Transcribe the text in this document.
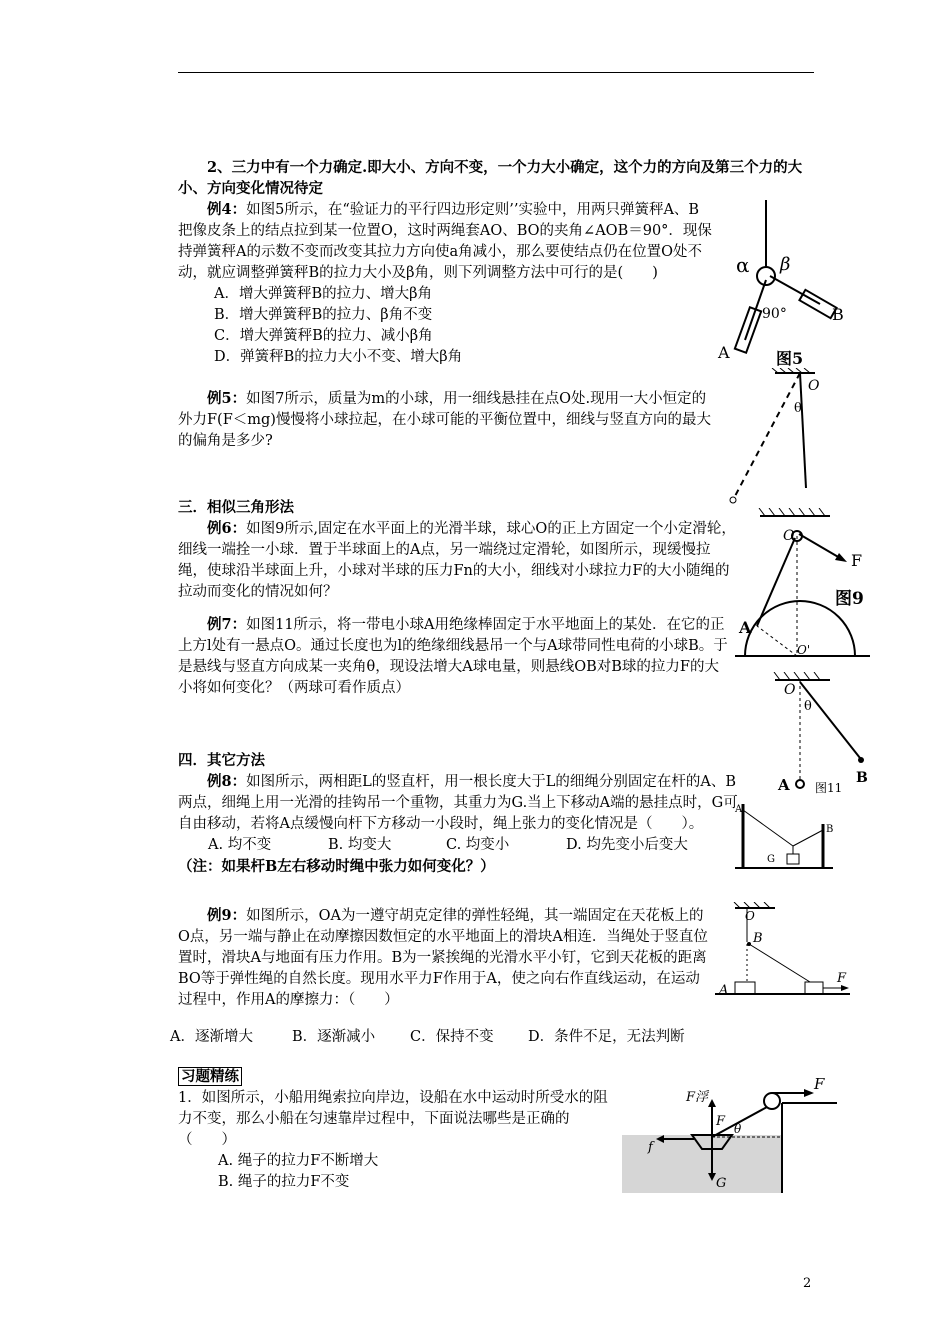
2、三力中有一个力确定.即大小、方向不变，一个力大小确定，这个力的方向及第三个力的大小、方向变化情况待定

例4：如图5所示，在“验证力的平行四边形定则’’实验中，用两只弹簧秤A、B把像皮条上的结点拉到某一位置O，这时两绳套AO、BO的夹角∠AOB＝90°．现保持弹簧秤A的示数不变而改变其拉力方向使a角减小，那么要使结点仍在位置O处不动，就应调整弹簧秤B的拉力大小及β角，则下列调整方法中可行的是(　　)

A．增大弹簧秤B的拉力、增大β角

B．增大弹簧秤B的拉力、β角不变

C．增大弹簧秤B的拉力、减小β角

D．弹簧秤B的拉力大小不变、增大β角

α β
90°
A
B
图5

例5：如图7所示，质量为m的小球，用一细线悬挂在点O处.现用一大小恒定的外力F(F＜mg)慢慢将小球拉起，在小球可能的平衡位置中，细线与竖直方向的最大的偏角是多少?

O
θ

三．相似三角形法

例6：如图9所示,固定在水平面上的光滑半球，球心O的正上方固定一个小定滑轮，细线一端拴一小球．置于半球面上的A点，另一端绕过定滑轮，如图所示，现缓慢拉绳，使球沿半球面上升，小球对半球的压力Fn的大小，细线对小球拉力F的大小随绳的拉动而变化的情况如何？

O
F
A
O'
图9

例7：如图11所示，将一带电小球A用绝缘棒固定于水平地面上的某处．在它的正上方l处有一悬点O。通过长度也为l的绝缘细线悬吊一个与A球带同性电荷的小球B。于是悬线与竖直方向成某一夹角θ，现设法增大A球电量，则悬线OB对B球的拉力F的大小将如何变化？（两球可看作质点）	O
θ
A	B
图11

四．其它方法

例8：如图所示，两相距L的竖直杆，用一根长度大于L的细绳分别固定在杆的A、B两点，细绳上用一光滑的挂钩吊一个重物，其重力为G.当上下移动A端的悬挂点时，G可自由移动，若将A点缓慢向杆下方移动一小段时，绳上张力的变化情况是（　　）。

A. 均不变	B. 均变大	C. 均变小	D. 均先变小后变大

（注：如果杆B左右移动时绳中张力如何变化？）

A
B
G

例9：如图所示，OA为一遵守胡克定律的弹性轻绳，其一端固定在天花板上的O点，另一端与静止在动摩擦因数恒定的水平地面上的滑块A相连．当绳处于竖直位置时，滑块A与地面有压力作用。B为一紧挨绳的光滑水平小钉，它到天花板的距离BO等于弹性绳的自然长度。现用水平力F作用于A，使之向右作直线运动，在运动过程中，作用A的摩擦力：（　　）

A．逐渐增大	B．逐渐减小 C．保持不变 D．条件不足，无法判断
O
B
A
F

习题精练

1．如图所示，小船用绳索拉向岸边，设船在水中运动时所受水的阻力不变，那么小船在匀速靠岸过程中，下面说法哪些是正确的（　　）

A. 绳子的拉力F不断增大

B. 绳子的拉力F不变

F
F浮
F θ
f
G
2
